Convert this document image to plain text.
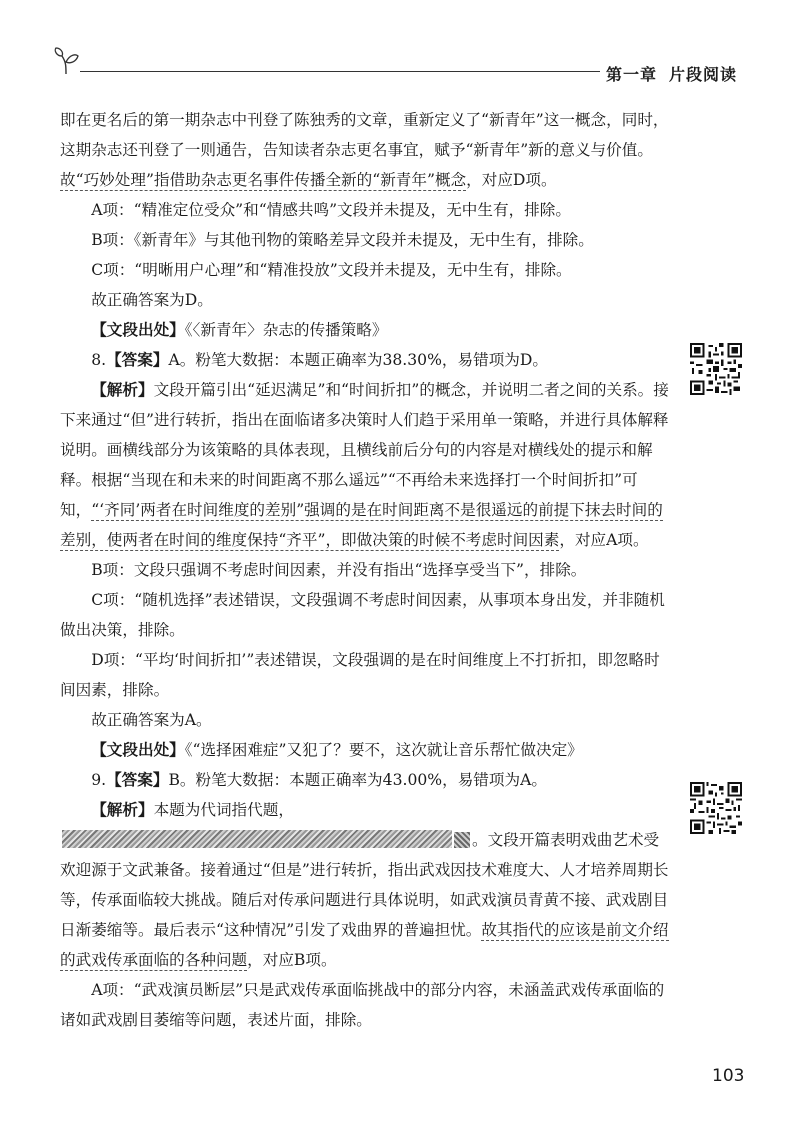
第一章 片段阅读

即在更名后的第一期杂志中刊登了陈独秀的文章，重新定义了“新青年”这一概念，同时，这期杂志还刊登了一则通告，告知读者杂志更名事宜，赋予“新青年”新的意义与价值。故“巧妙处理”指借助杂志更名事件传播全新的“新青年”概念，对应D项。

A项：“精准定位受众”和“情感共鸣”文段并未提及，无中生有，排除。

B项：《新青年》与其他刊物的策略差异文段并未提及，无中生有，排除。

C项：“明晰用户心理”和“精准投放”文段并未提及，无中生有，排除。

故正确答案为D。

【文段出处】《〈新青年〉杂志的传播策略》

8.【答案】A。粉笔大数据：本题正确率为38.30%，易错项为D。

【解析】文段开篇引出“延迟满足”和“时间折扣”的概念，并说明二者之间的关系。接下来通过“但”进行转折，指出在面临诸多决策时人们趋于采用单一策略，并进行具体解释说明。画横线部分为该策略的具体表现，且横线前后分句的内容是对横线处的提示和解释。根据“当现在和未来的时间距离不那么遥远”“不再给未来选择打一个时间折扣”可知，“‘齐同’两者在时间维度的差别”强调的是在时间距离不是很遥远的前提下抹去时间的差别，使两者在时间的维度保持“齐平”，即做决策的时候不考虑时间因素，对应A项。

B项：文段只强调不考虑时间因素，并没有指出“选择享受当下”，排除。

C项：“随机选择”表述错误，文段强调不考虑时间因素，从事项本身出发，并非随机做出决策，排除。

D项：“平均‘时间折扣’”表述错误，文段强调的是在时间维度上不打折扣，即忽略时间因素，排除。

故正确答案为A。

【文段出处】《“选择困难症”又犯了？要不，这次就让音乐帮忙做决定》

9.【答案】B。粉笔大数据：本题正确率为43.00%，易错项为A。

【解析】本题为代词指代题，。文段开篇表明戏曲艺术受欢迎源于文武兼备。接着通过“但是”进行转折，指出武戏因技术难度大、人才培养周期长等，传承面临较大挑战。随后对传承问题进行具体说明，如武戏演员青黄不接、武戏剧目日渐萎缩等。最后表示“这种情况”引发了戏曲界的普遍担忧。故其指代的应该是前文介绍的武戏传承面临的各种问题，对应B项。

A项：“武戏演员断层”只是武戏传承面临挑战中的部分内容，未涵盖武戏传承面临的诸如武戏剧目萎缩等问题，表述片面，排除。

103
